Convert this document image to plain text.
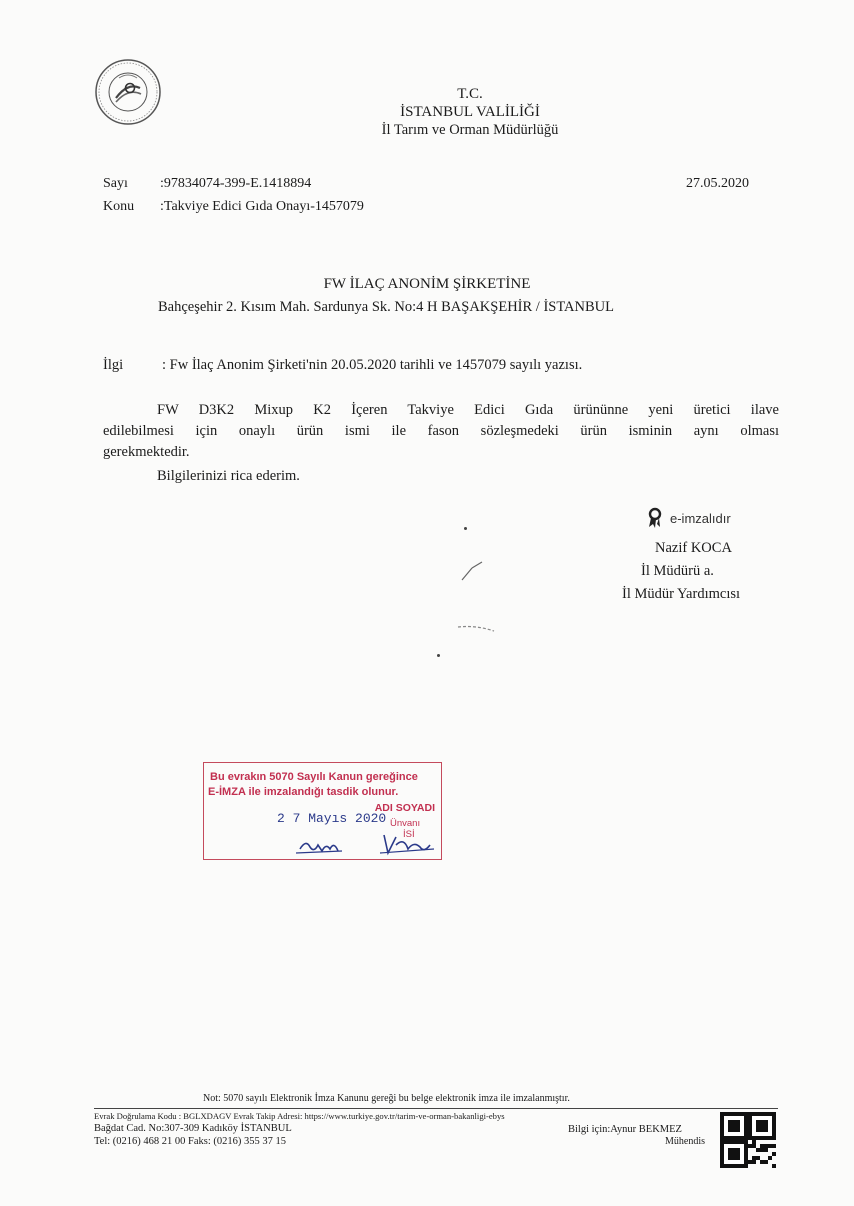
T.C.
İSTANBUL VALİLİĞİ
İl Tarım ve Orman Müdürlüğü
Sayı :97834074-399-E.1418894	27.05.2020
Konu :Takviye Edici Gıda Onayı-1457079
FW İLAÇ ANONİM ŞİRKETİNE
Bahçeşehir 2. Kısım Mah. Sardunya Sk. No:4 H BAŞAKŞEHİR / İSTANBUL
İlgi	: Fw İlaç Anonim Şirketi'nin 20.05.2020 tarihli ve 1457079 sayılı yazısı.
FW D3K2 Mixup K2 İçeren Takviye Edici Gıda ürününne yeni üretici ilave
edilebilmesi için onaylı ürün ismi ile fason sözleşmedeki ürün isminin aynı olması
gerekmektedir.
Bilgilerinizi rica ederim.
e-imzalıdır
Nazif KOCA
İl Müdürü a.
İl Müdür Yardımcısı
Bu evrakın 5070 Sayılı Kanun gereğince
E-İMZA ile imzalandığı tasdik olunur.
ADI SOYADI
2 7 Mayıs 2020 Ünvanı
İSİ
Not: 5070 sayılı Elektronik İmza Kanunu gereği bu belge elektronik imza ile imzalanmıştır.
Evrak Doğrulama Kodu : BGLXDAGV Evrak Takip Adresi: https://www.turkiye.gov.tr/tarim-ve-orman-bakanligi-ebys
Bağdat Cad. No:307-309 Kadıköy İSTANBUL
Tel: (0216) 468 21 00 Faks: (0216) 355 37 15
Bilgi için:Aynur BEKMEZ
Mühendis
